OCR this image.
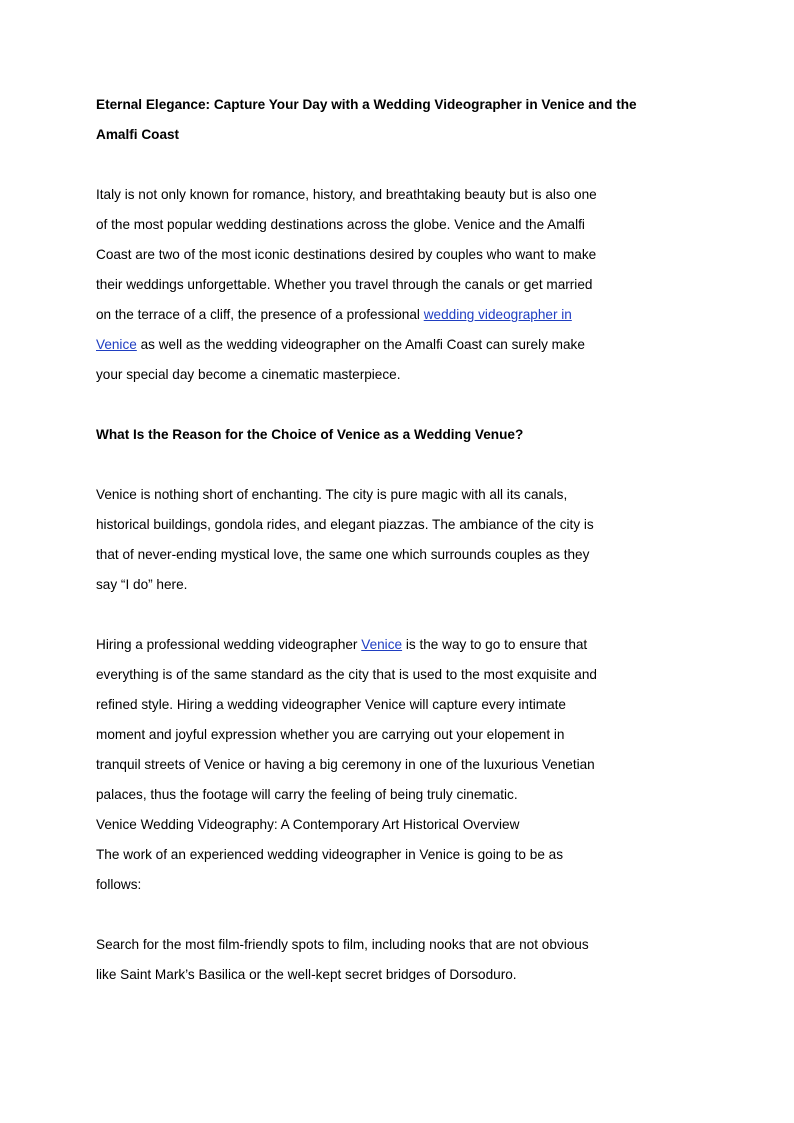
Eternal Elegance: Capture Your Day with a Wedding Videographer in Venice and the
Amalfi Coast
Italy is not only known for romance, history, and breathtaking beauty but is also one
of the most popular wedding destinations across the globe. Venice and the Amalfi
Coast are two of the most iconic destinations desired by couples who want to make
their weddings unforgettable. Whether you travel through the canals or get married
on the terrace of a cliff, the presence of a professional wedding videographer in
Venice as well as the wedding videographer on the Amalfi Coast can surely make
your special day become a cinematic masterpiece.
What Is the Reason for the Choice of Venice as a Wedding Venue?
Venice is nothing short of enchanting. The city is pure magic with all its canals,
historical buildings, gondola rides, and elegant piazzas. The ambiance of the city is
that of never-ending mystical love, the same one which surrounds couples as they
say “I do” here.
Hiring a professional wedding videographer Venice is the way to go to ensure that
everything is of the same standard as the city that is used to the most exquisite and
refined style. Hiring a wedding videographer Venice will capture every intimate
moment and joyful expression whether you are carrying out your elopement in
tranquil streets of Venice or having a big ceremony in one of the luxurious Venetian
palaces, thus the footage will carry the feeling of being truly cinematic.
Venice Wedding Videography: A Contemporary Art Historical Overview
The work of an experienced wedding videographer in Venice is going to be as
follows:
Search for the most film-friendly spots to film, including nooks that are not obvious
like Saint Mark’s Basilica or the well-kept secret bridges of Dorsoduro.
